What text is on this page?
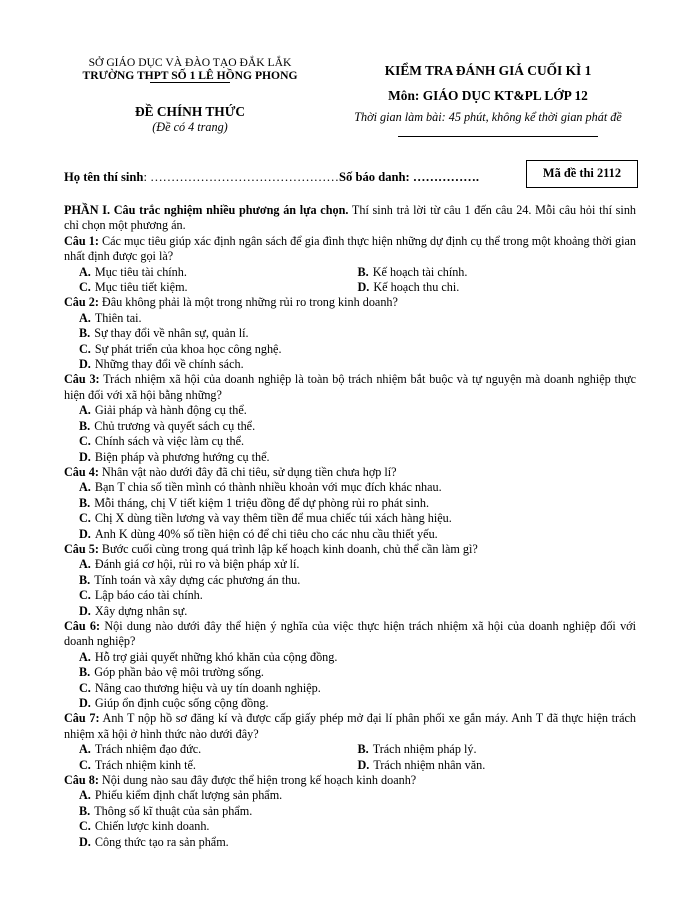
SỞ GIÁO DỤC VÀ ĐÀO TẠO ĐẮK LẮK
TRƯỜNG THPT SỐ 1 LÊ HỒNG PHONG
ĐỀ CHÍNH THỨC
(Đề có 4 trang)
KIỂM TRA ĐÁNH GIÁ CUỐI KÌ 1
Môn: GIÁO DỤC KT&PL LỚP 12
Thời gian làm bài: 45 phút, không kể thời gian phát đề
Họ tên thí sinh: ………………………………………Số báo danh: …………….	Mã đề thi 2112
PHẦN I. Câu trắc nghiệm nhiều phương án lựa chọn. Thí sinh trả lời từ câu 1 đến câu 24. Mỗi câu hỏi thí sinh chỉ chọn một phương án.
Câu 1: Các mục tiêu giúp xác định ngân sách để gia đình thực hiện những dự định cụ thể trong một khoảng thời gian nhất định được gọi là?
A. Mục tiêu tài chính.	B. Kế hoạch tài chính.
C. Mục tiêu tiết kiệm.	D. Kế hoạch thu chi.
Câu 2: Đâu không phải là một trong những rủi ro trong kinh doanh?
A. Thiên tai.
B. Sự thay đổi về nhân sự, quản lí.
C. Sự phát triển của khoa học công nghệ.
D. Những thay đổi về chính sách.
Câu 3: Trách nhiệm xã hội của doanh nghiệp là toàn bộ trách nhiệm bắt buộc và tự nguyện mà doanh nghiệp thực hiện đối với xã hội bằng những?
A. Giải pháp và hành động cụ thể.
B. Chủ trương và quyết sách cụ thể.
C. Chính sách và việc làm cụ thể.
D. Biện pháp và phương hướng cụ thể.
Câu 4: Nhân vật nào dưới đây đã chi tiêu, sử dụng tiền chưa hợp lí?
A. Bạn T chia số tiền mình có thành nhiều khoản với mục đích khác nhau.
B. Mỗi tháng, chị V tiết kiệm 1 triệu đồng để dự phòng rủi ro phát sinh.
C. Chị X dùng tiền lương và vay thêm tiền để mua chiếc túi xách hàng hiệu.
D. Anh K dùng 40% số tiền hiện có để chi tiêu cho các nhu cầu thiết yếu.
Câu 5: Bước cuối cùng trong quá trình lập kế hoạch kinh doanh, chủ thể cần làm gì?
A. Đánh giá cơ hội, rủi ro và biện pháp xử lí.
B. Tính toán và xây dựng các phương án thu.
C. Lập báo cáo tài chính.
D. Xây dựng nhân sự.
Câu 6: Nội dung nào dưới đây thể hiện ý nghĩa của việc thực hiện trách nhiệm xã hội của doanh nghiệp đối với doanh nghiệp?
A. Hỗ trợ giải quyết những khó khăn của cộng đồng.
B. Góp phần bảo vệ môi trường sống.
C. Nâng cao thương hiệu và uy tín doanh nghiệp.
D. Giúp ổn định cuộc sống cộng đồng.
Câu 7: Anh T nộp hồ sơ đăng kí và được cấp giấy phép mở đại lí phân phối xe gắn máy. Anh T đã thực hiện trách nhiệm xã hội ở hình thức nào dưới đây?
A. Trách nhiệm đạo đức.	B. Trách nhiệm pháp lý.
C. Trách nhiệm kinh tế.	D. Trách nhiệm nhân văn.
Câu 8: Nội dung nào sau đây được thể hiện trong kế hoạch kinh doanh?
A. Phiếu kiểm định chất lượng sản phẩm.
B. Thông số kĩ thuật của sản phẩm.
C. Chiến lược kinh doanh.
D. Công thức tạo ra sản phẩm.
